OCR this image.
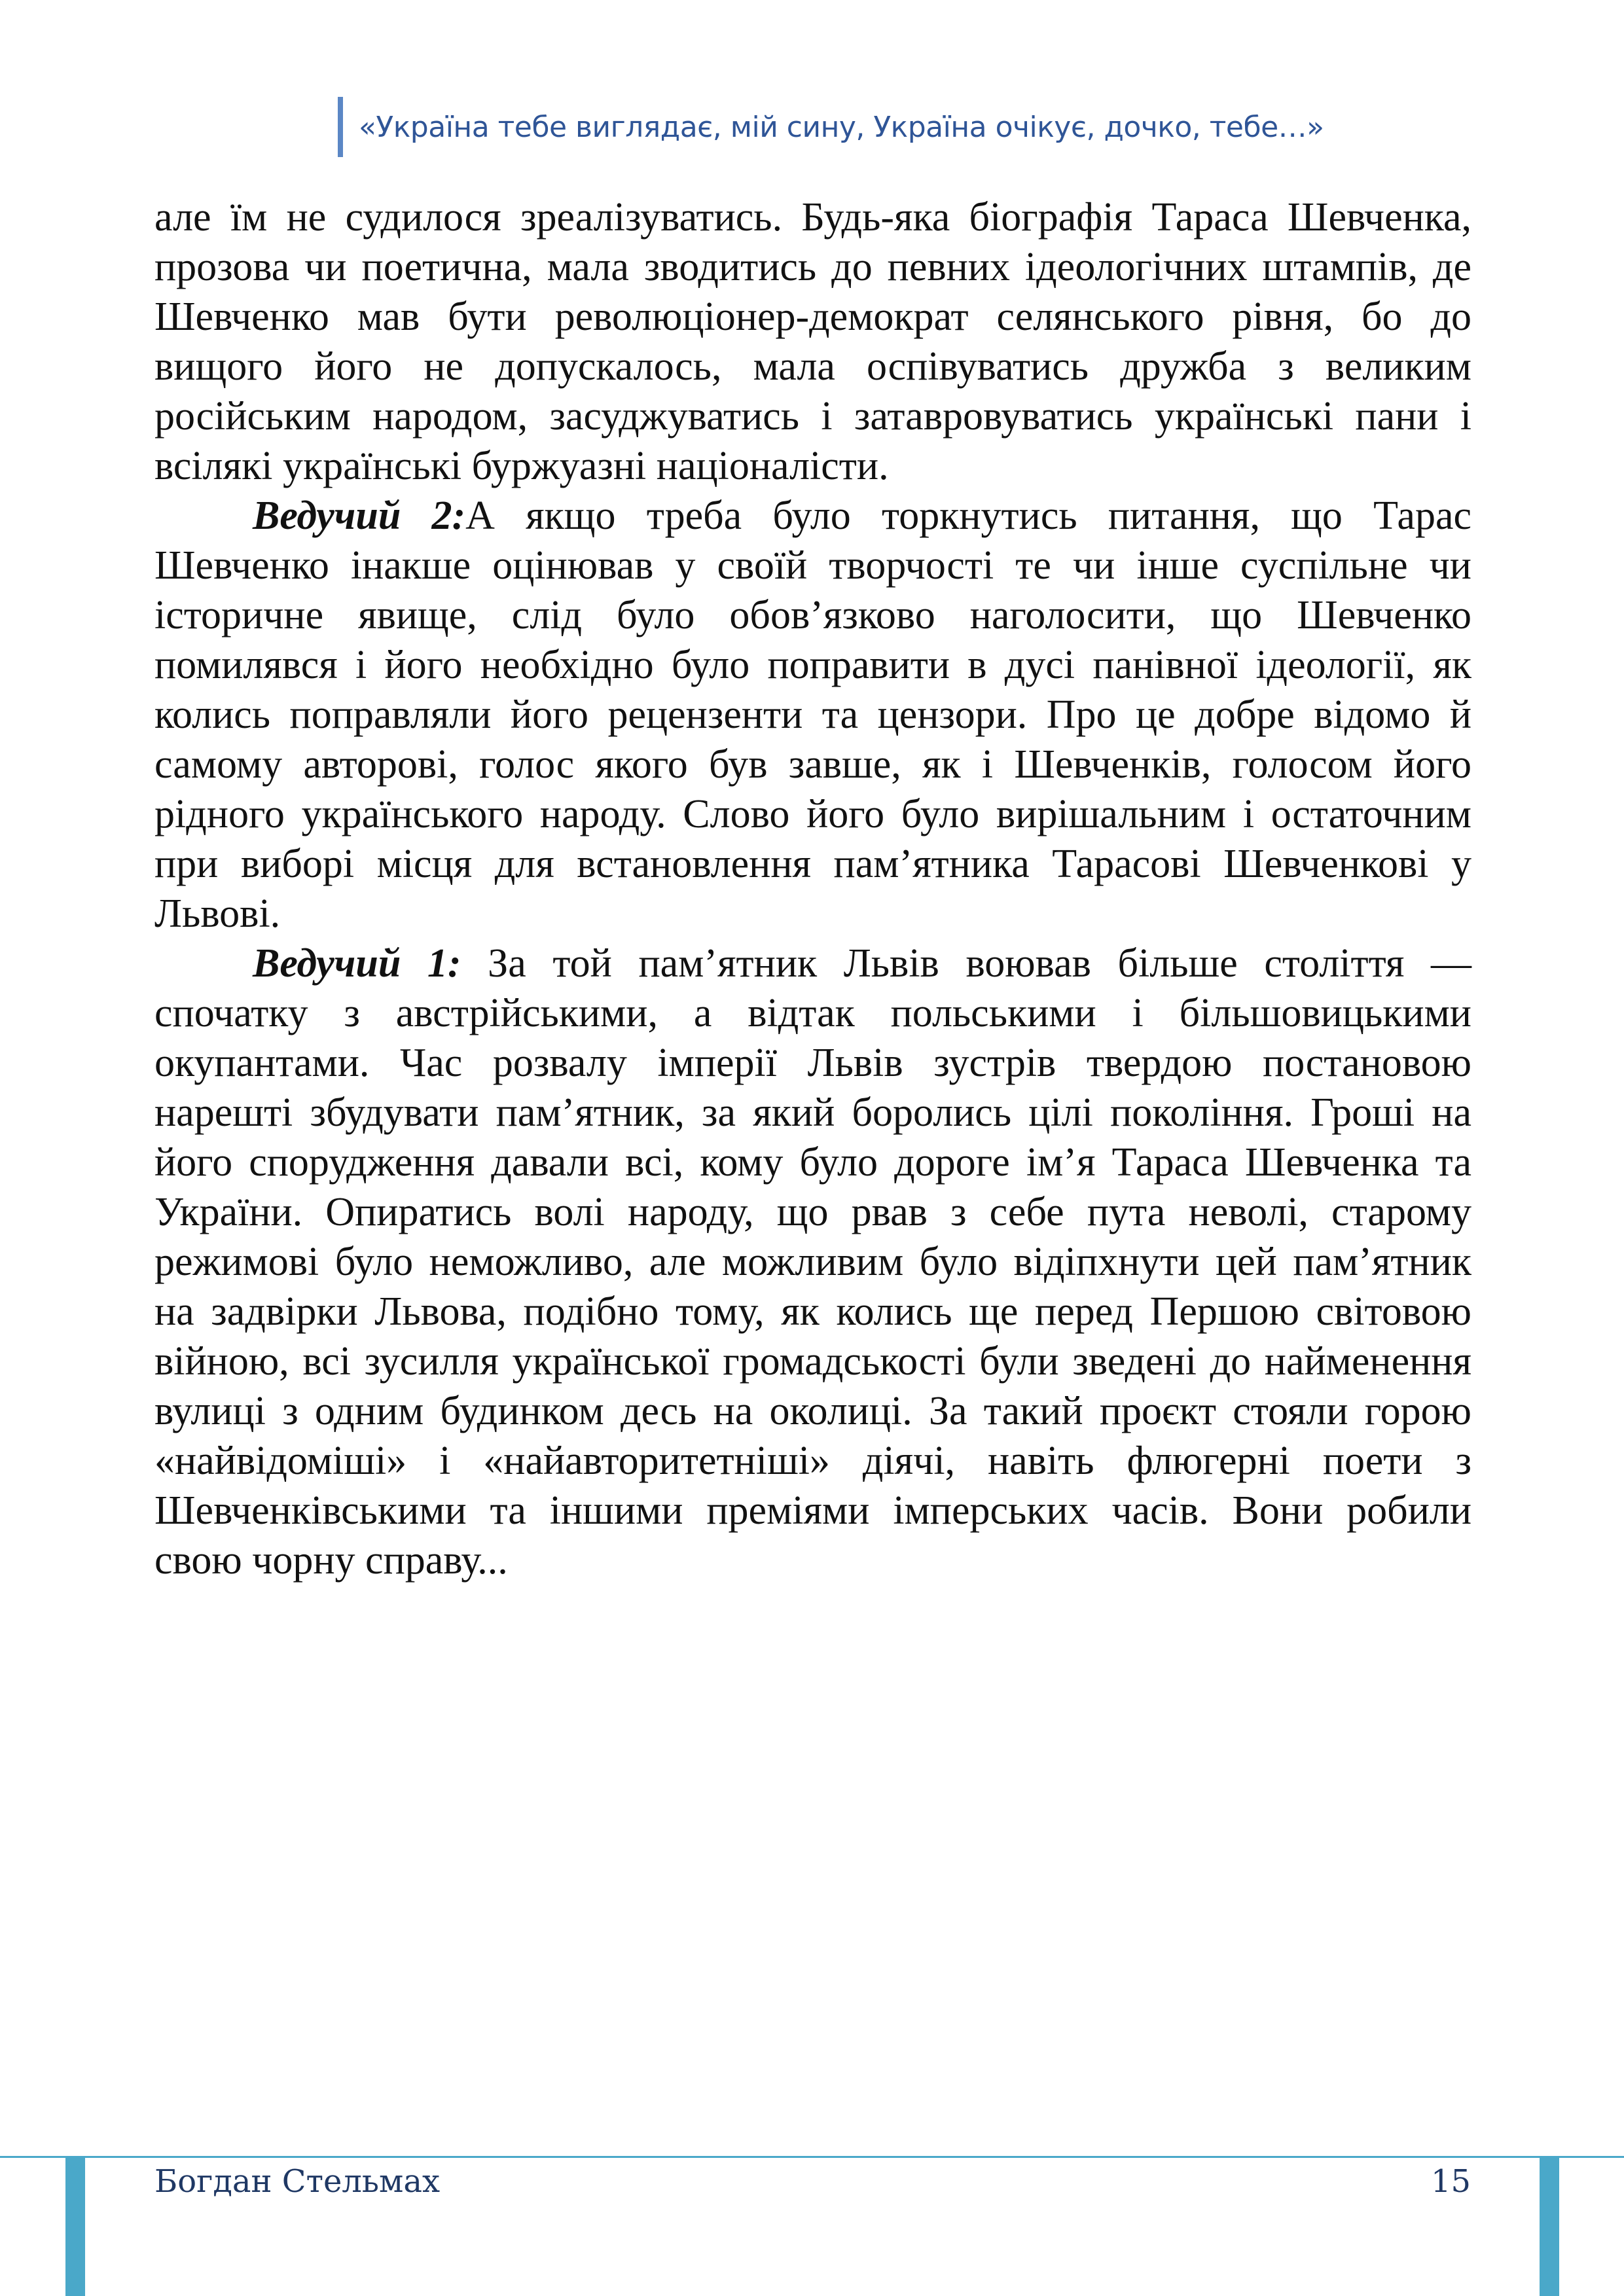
«Україна тебе виглядає, мій сину, Україна очікує, дочко, тебе…»

але їм не судилося зреалізуватись. Будь-яка біографія Тараса Шевченка, прозова чи поетична, мала зводитись до певних ідеологічних штампів, де Шевченко мав бути революціонер-демократ селянського рівня, бо до вищого його не допускалось, мала оспівуватись дружба з великим російським народом, засуджуватись і затавровуватись українські пани і всілякі українські буржуазні націоналісти.

Ведучий 2:А якщо треба було торкнутись питання, що Тарас Шевченко інакше оцінював у своїй творчості те чи інше суспільне чи історичне явище, слід було обов’язково наголосити, що Шевченко помилявся і його необхідно було поправити в дусі панівної ідеології, як колись поправляли його рецензенти та цензори. Про це добре відомо й самому авторові, голос якого був завше, як і Шевченків, голосом його рідного українського народу. Слово його було вирішальним і остаточним при виборі місця для встановлення пам’ятника Тарасові Шевченкові у Львові.

Ведучий 1: За той пам’ятник Львів воював більше століття — спочатку з австрійськими, а відтак польськими і більшовицькими окупантами. Час розвалу імперії Львів зустрів твердою постановою нарешті збудувати пам’ятник, за який боролись цілі покоління. Гроші на його спорудження давали всі, кому було дороге ім’я Тараса Шевченка та України. Опиратись волі народу, що рвав з себе пута неволі, старому режимові було неможливо, але можливим було відіпхнути цей пам’ятник на задвірки Львова, подібно тому, як колись ще перед Першою світовою війною, всі зусилля української громадськості були зведені до найменення вулиці з одним будинком десь на околиці. За такий проєкт стояли горою «найвідоміші» і «найавторитетніші» діячі, навіть флюгерні поети з Шевченківськими та іншими преміями імперських часів. Вони робили свою чорну справу...

Богдан Стельмах	15
